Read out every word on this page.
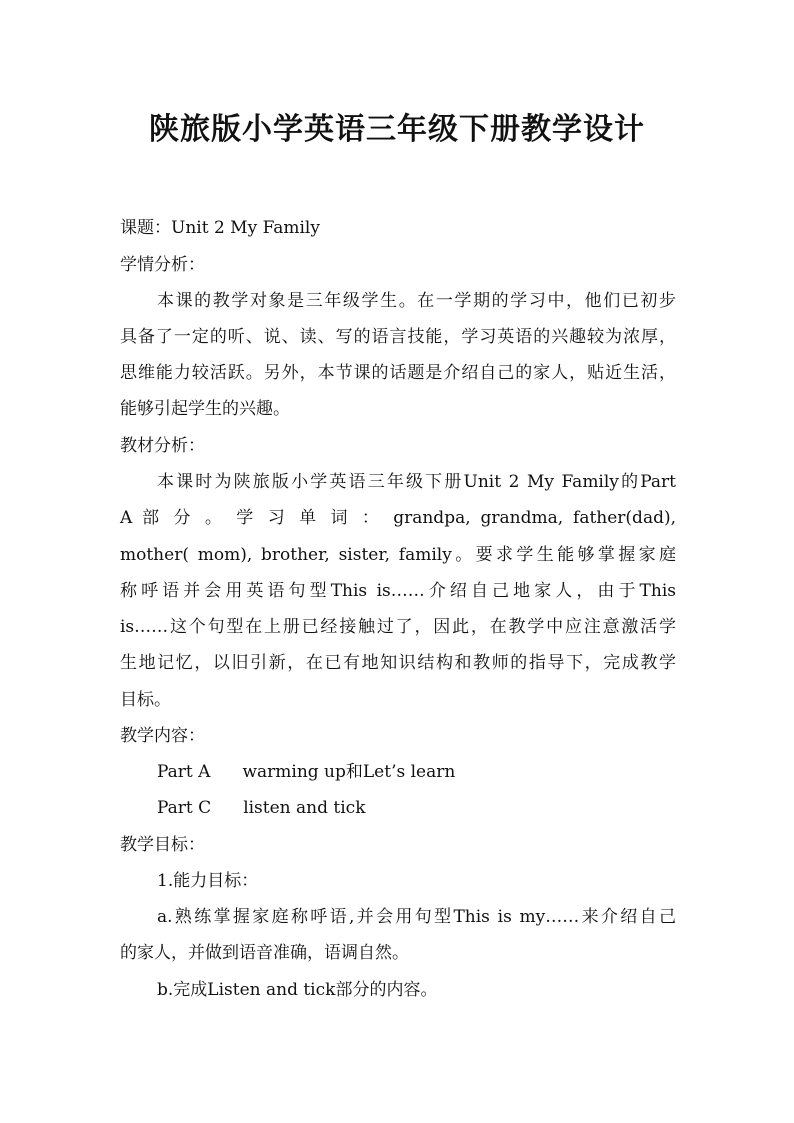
陕旅版小学英语三年级下册教学设计
课题：Unit 2 My Family
学情分析：
本课的教学对象是三年级学生。在一学期的学习中，他们已初步
具备了一定的听、说、读、写的语言技能，学习英语的兴趣较为浓厚，
思维能力较活跃。另外，本节课的话题是介绍自己的家人，贴近生活，
能够引起学生的兴趣。
教材分析：
本课时为陕旅版小学英语三年级下册Unit 2 My Family的Part
A 部 分 。 学 习 单 词 ： grandpa, grandma, father(dad),
mother( mom), brother, sister, family。要求学生能够掌握家庭
称呼语并会用英语句型This is……介绍自己地家人，由于This
is……这个句型在上册已经接触过了，因此，在教学中应注意激活学
生地记忆，以旧引新，在已有地知识结构和教师的指导下，完成教学
目标。
教学内容：
Part A warming up和Let’s learn
Part C listen and tick
教学目标：
1.能力目标：
a.熟练掌握家庭称呼语,并会用句型This is my……来介绍自己
的家人，并做到语音准确，语调自然。
b.完成Listen and tick部分的内容。
